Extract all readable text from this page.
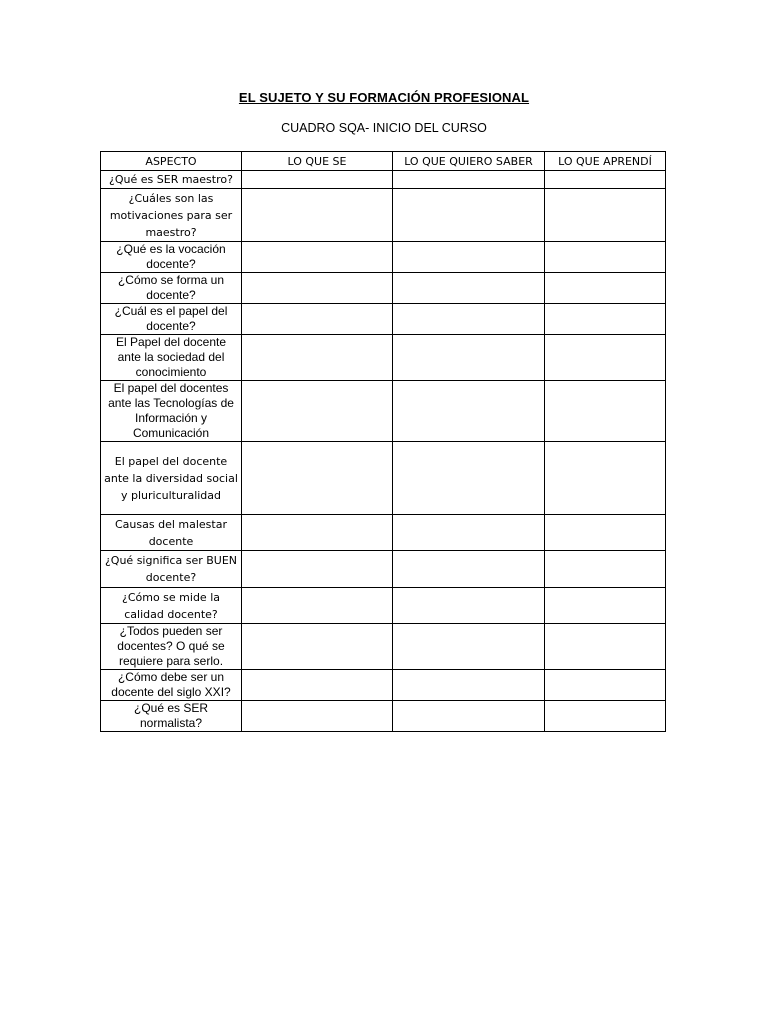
EL SUJETO Y SU FORMACIÓN PROFESIONAL
CUADRO SQA- INICIO DEL CURSO
ASPECTO	LO QUE SE	LO QUE QUIERO SABER	LO QUE APRENDÍ
¿Qué es SER maestro?			
¿Cuáles son las motivaciones para ser maestro?			
¿Qué es la vocación docente?			
¿Cómo se forma un docente?			
¿Cuál es el papel del docente?			
El Papel del docente ante la sociedad del conocimiento			
El papel del docentes ante las Tecnologías de Información y Comunicación			
El papel del docente ante la diversidad social y pluriculturalidad			
Causas del malestar docente			
¿Qué significa ser BUEN docente?			
¿Cómo se mide la calidad docente?			
¿Todos pueden ser docentes? O qué se requiere para serlo.			
¿Cómo debe ser un docente del siglo XXI?			
¿Qué es SER normalista?			
